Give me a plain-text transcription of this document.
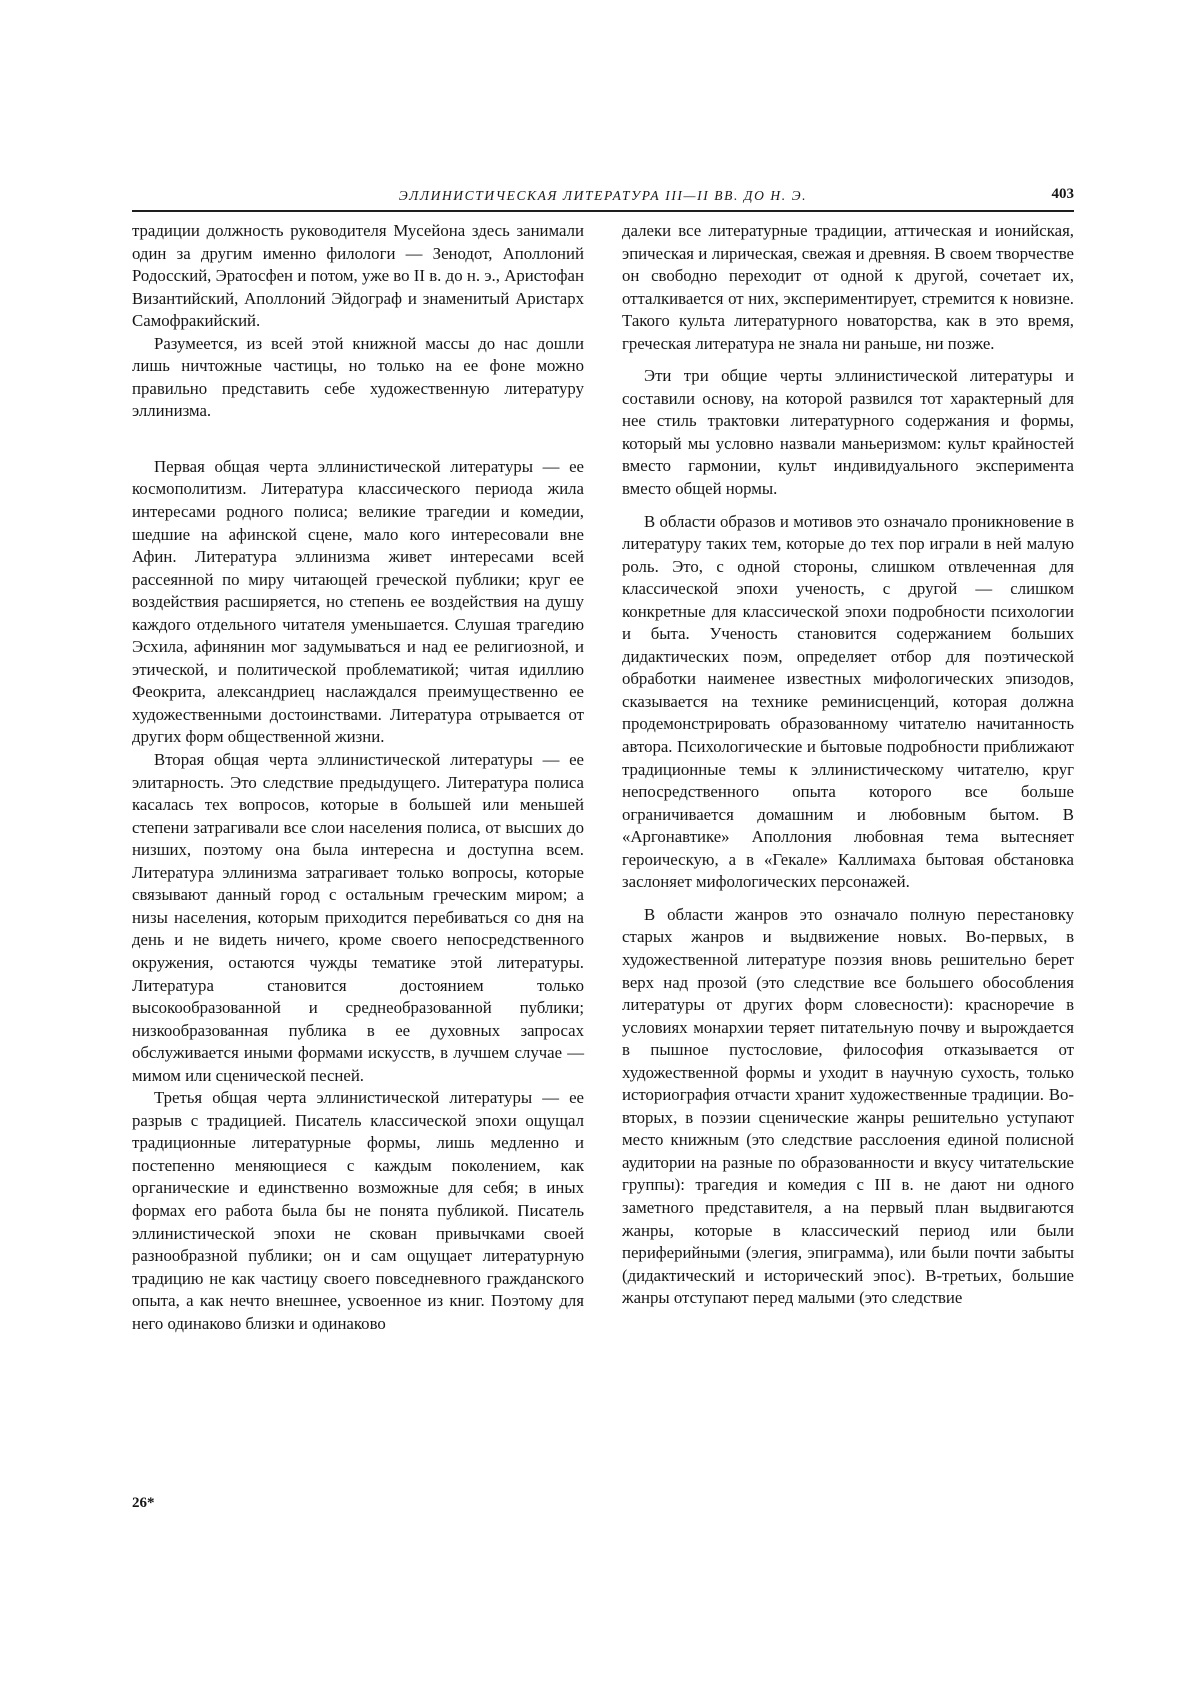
ЭЛЛИНИСТИЧЕСКАЯ ЛИТЕРАТУРА III—II ВВ. ДО Н. Э.	403

традиции должность руководителя Мусейона здесь занимали один за другим именно филологи — Зенодот, Аполлоний Родосский, Эратосфен и потом, уже во II в. до н. э., Аристофан Византийский, Аполлоний Эйдограф и знаменитый Аристарх Самофракийский.

Разумеется, из всей этой книжной массы до нас дошли лишь ничтожные частицы, но только на ее фоне можно правильно представить себе художественную литературу эллинизма.

Первая общая черта эллинистической литературы — ее космополитизм. Литература классического периода жила интересами родного полиса; великие трагедии и комедии, шедшие на афинской сцене, мало кого интересовали вне Афин. Литература эллинизма живет интересами всей рассеянной по миру читающей греческой публики; круг ее воздействия расширяется, но степень ее воздействия на душу каждого отдельного читателя уменьшается. Слушая трагедию Эсхила, афинянин мог задумываться и над ее религиозной, и этической, и политической проблематикой; читая идиллию Феокрита, александриец наслаждался преимущественно ее художественными достоинствами. Литература отрывается от других форм общественной жизни.

Вторая общая черта эллинистической литературы — ее элитарность. Это следствие предыдущего. Литература полиса касалась тех вопросов, которые в большей или меньшей степени затрагивали все слои населения полиса, от высших до низших, поэтому она была интересна и доступна всем. Литература эллинизма затрагивает только вопросы, которые связывают данный город с остальным греческим миром; а низы населения, которым приходится перебиваться со дня на день и не видеть ничего, кроме своего непосредственного окружения, остаются чужды тематике этой литературы. Литература становится достоянием только высокообразованной и среднеобразованной публики; низкообразованная публика в ее духовных запросах обслуживается иными формами искусств, в лучшем случае — мимом или сценической песней.

Третья общая черта эллинистической литературы — ее разрыв с традицией. Писатель классической эпохи ощущал традиционные литературные формы, лишь медленно и постепенно меняющиеся с каждым поколением, как органические и единственно возможные для себя; в иных формах его работа была бы не понята публикой. Писатель эллинистической эпохи не скован привычками своей разнообразной публики; он и сам ощущает литературную традицию не как частицу своего повседневного гражданского опыта, а как нечто внешнее, усвоенное из книг. Поэтому для него одинаково близки и одинаково

далеки все литературные традиции, аттическая и ионийская, эпическая и лирическая, свежая и древняя. В своем творчестве он свободно переходит от одной к другой, сочетает их, отталкивается от них, экспериментирует, стремится к новизне. Такого культа литературного новаторства, как в это время, греческая литература не знала ни раньше, ни позже.

Эти три общие черты эллинистической литературы и составили основу, на которой развился тот характерный для нее стиль трактовки литературного содержания и формы, который мы условно назвали маньеризмом: культ крайностей вместо гармонии, культ индивидуального эксперимента вместо общей нормы.

В области образов и мотивов это означало проникновение в литературу таких тем, которые до тех пор играли в ней малую роль. Это, с одной стороны, слишком отвлеченная для классической эпохи ученость, с другой — слишком конкретные для классической эпохи подробности психологии и быта. Ученость становится содержанием больших дидактических поэм, определяет отбор для поэтической обработки наименее известных мифологических эпизодов, сказывается на технике реминисценций, которая должна продемонстрировать образованному читателю начитанность автора. Психологические и бытовые подробности приближают традиционные темы к эллинистическому читателю, круг непосредственного опыта которого все больше ограничивается домашним и любовным бытом. В «Аргонавтике» Аполлония любовная тема вытесняет героическую, а в «Гекале» Каллимаха бытовая обстановка заслоняет мифологических персонажей.

В области жанров это означало полную перестановку старых жанров и выдвижение новых. Во-первых, в художественной литературе поэзия вновь решительно берет верх над прозой (это следствие все большего обособления литературы от других форм словесности): красноречие в условиях монархии теряет питательную почву и вырождается в пышное пустословие, философия отказывается от художественной формы и уходит в научную сухость, только историография отчасти хранит художественные традиции. Во-вторых, в поэзии сценические жанры решительно уступают место книжным (это следствие расслоения единой полисной аудитории на разные по образованности и вкусу читательские группы): трагедия и комедия с III в. не дают ни одного заметного представителя, а на первый план выдвигаются жанры, которые в классический период или были периферийными (элегия, эпиграмма), или были почти забыты (дидактический и исторический эпос). В-третьих, большие жанры отступают перед малыми (это следствие

26*
